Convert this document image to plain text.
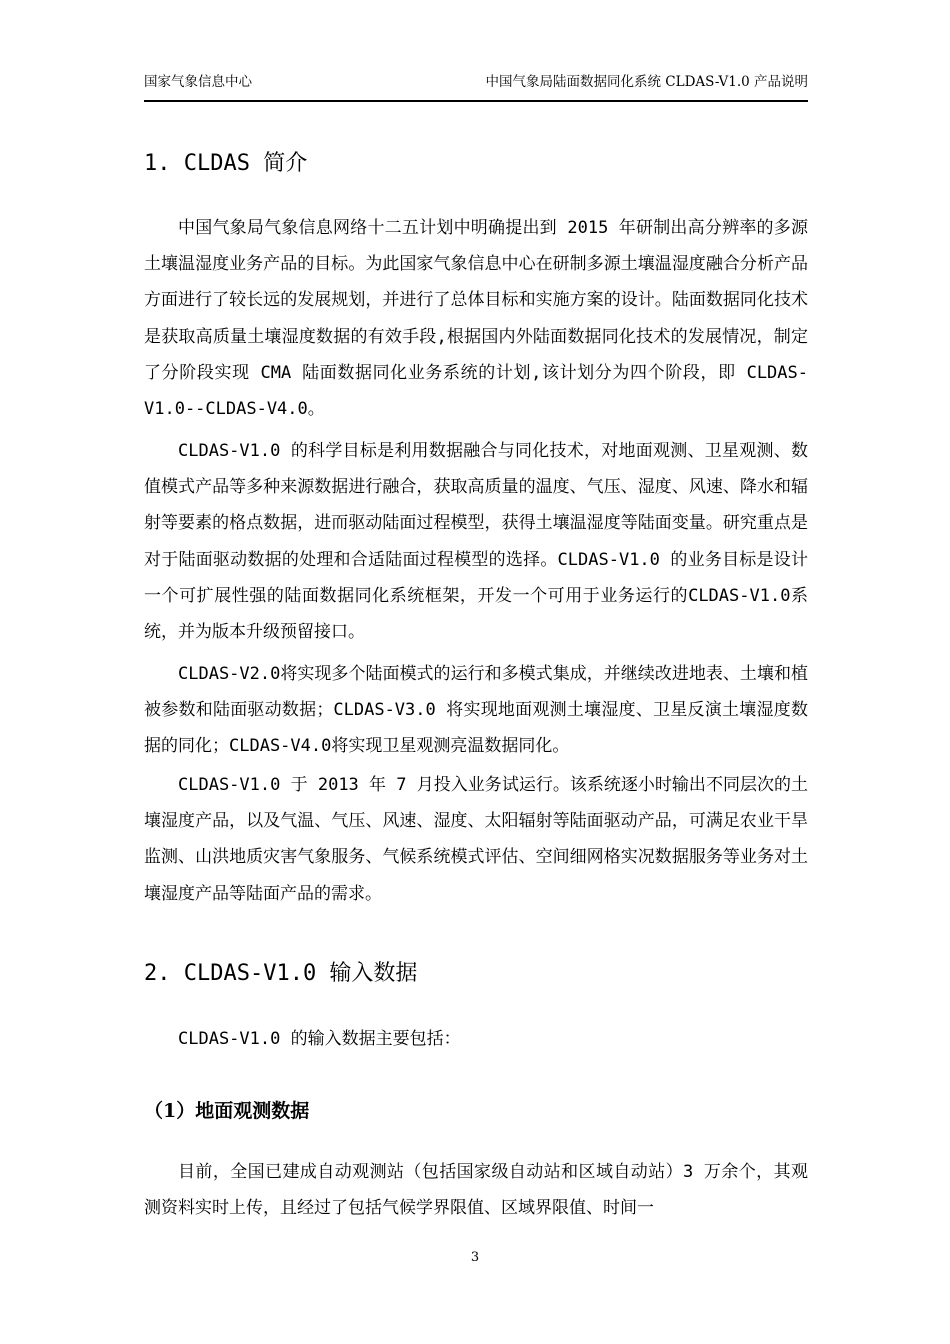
国家气象信息中心	中国气象局陆面数据同化系统 CLDAS-V1.0 产品说明
1. CLDAS 简介

中国气象局气象信息网络十二五计划中明确提出到 2015 年研制出高分辨率的多源土壤温湿度业务产品的目标。为此国家气象信息中心在研制多源土壤温湿度融合分析产品方面进行了较长远的发展规划，并进行了总体目标和实施方案的设计。陆面数据同化技术是获取高质量土壤湿度数据的有效手段,根据国内外陆面数据同化技术的发展情况，制定了分阶段实现 CMA 陆面数据同化业务系统的计划,该计划分为四个阶段，即 CLDAS-V1.0--CLDAS-V4.0。

CLDAS-V1.0 的科学目标是利用数据融合与同化技术，对地面观测、卫星观测、数值模式产品等多种来源数据进行融合，获取高质量的温度、气压、湿度、风速、降水和辐射等要素的格点数据，进而驱动陆面过程模型，获得土壤温湿度等陆面变量。研究重点是对于陆面驱动数据的处理和合适陆面过程模型的选择。CLDAS-V1.0 的业务目标是设计一个可扩展性强的陆面数据同化系统框架，开发一个可用于业务运行的CLDAS-V1.0系统，并为版本升级预留接口。

CLDAS-V2.0将实现多个陆面模式的运行和多模式集成，并继续改进地表、土壤和植被参数和陆面驱动数据；CLDAS-V3.0 将实现地面观测土壤湿度、卫星反演土壤湿度数据的同化；CLDAS-V4.0将实现卫星观测亮温数据同化。

CLDAS-V1.0 于 2013 年 7 月投入业务试运行。该系统逐小时输出不同层次的土壤湿度产品，以及气温、气压、风速、湿度、太阳辐射等陆面驱动产品，可满足农业干旱监测、山洪地质灾害气象服务、气候系统模式评估、空间细网格实况数据服务等业务对土壤湿度产品等陆面产品的需求。

2. CLDAS-V1.0 输入数据

CLDAS-V1.0 的输入数据主要包括：

（1）地面观测数据

目前，全国已建成自动观测站（包括国家级自动站和区域自动站）3 万余个，其观测资料实时上传，且经过了包括气候学界限值、区域界限值、时间一

3
